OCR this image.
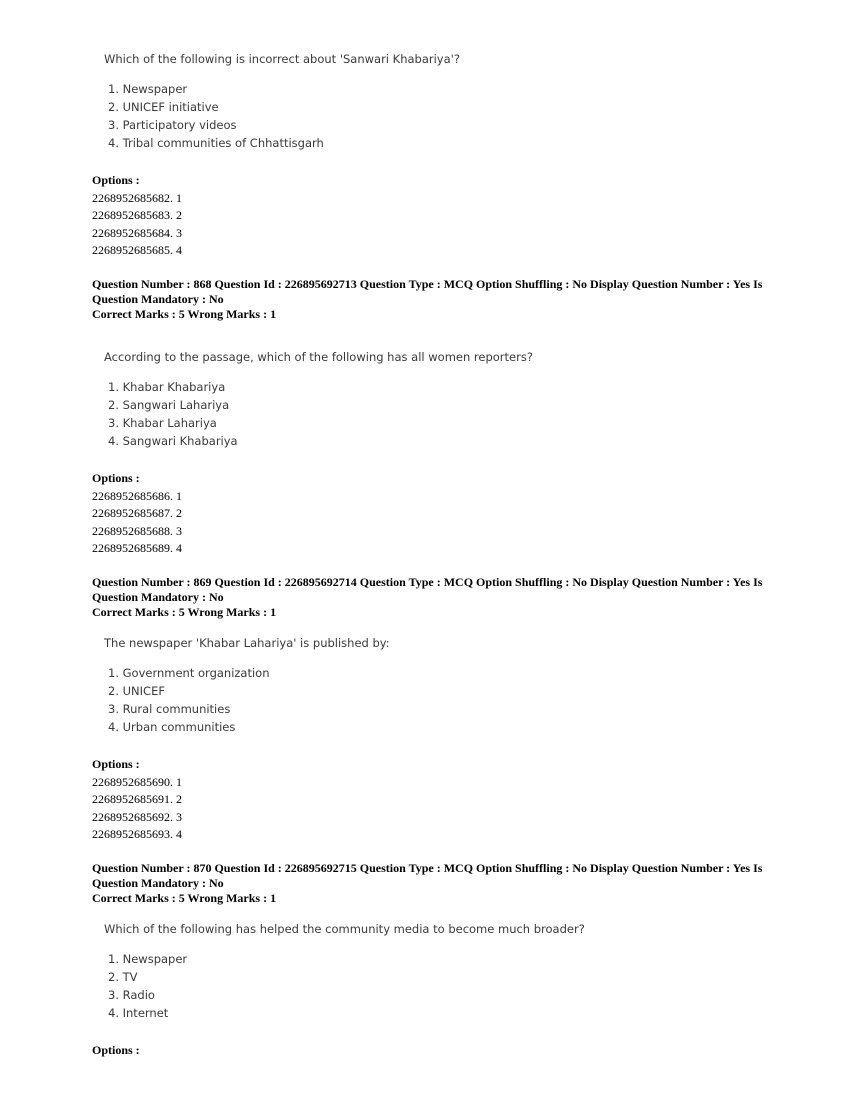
Which of the following is incorrect about 'Sanwari Khabariya'?
1. Newspaper
2. UNICEF initiative
3. Participatory videos
4. Tribal communities of Chhattisgarh
Options :
2268952685682. 1
2268952685683. 2
2268952685684. 3
2268952685685. 4
Question Number : 868 Question Id : 226895692713 Question Type : MCQ Option Shuffling : No Display Question Number : Yes Is
Question Mandatory : No
Correct Marks : 5 Wrong Marks : 1
According to the passage, which of the following has all women reporters?
1. Khabar Khabariya
2. Sangwari Lahariya
3. Khabar Lahariya
4. Sangwari Khabariya
Options :
2268952685686. 1
2268952685687. 2
2268952685688. 3
2268952685689. 4
Question Number : 869 Question Id : 226895692714 Question Type : MCQ Option Shuffling : No Display Question Number : Yes Is
Question Mandatory : No
Correct Marks : 5 Wrong Marks : 1
The newspaper 'Khabar Lahariya' is published by:
1. Government organization
2. UNICEF
3. Rural communities
4. Urban communities
Options :
2268952685690. 1
2268952685691. 2
2268952685692. 3
2268952685693. 4
Question Number : 870 Question Id : 226895692715 Question Type : MCQ Option Shuffling : No Display Question Number : Yes Is
Question Mandatory : No
Correct Marks : 5 Wrong Marks : 1
Which of the following has helped the community media to become much broader?
1. Newspaper
2. TV
3. Radio
4. Internet
Options :
